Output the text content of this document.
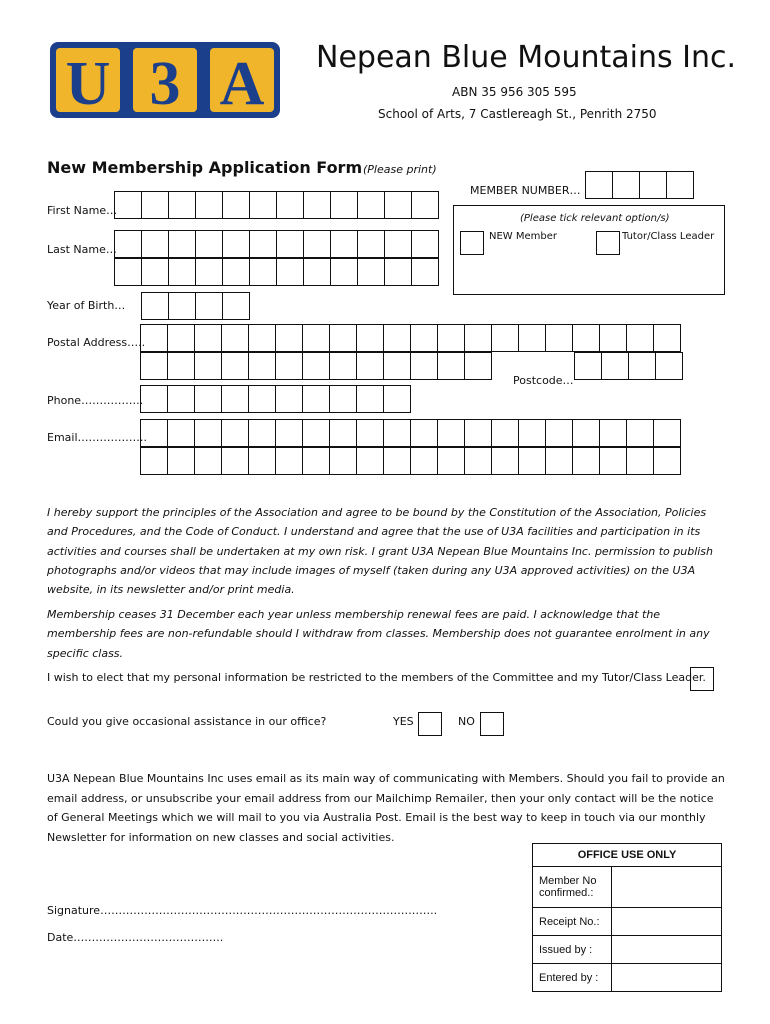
U 3 A Nepean Blue Mountains Inc.
ABN 35 956 305 595
School of Arts, 7 Castlereagh St., Penrith 2750
New Membership Application Form (Please print)
MEMBER NUMBER…
(Please tick relevant option/s)
NEW Member	Tutor/Class Leader
First Name…
Last Name…
Year of Birth…
Postal Address…..
Postcode…
Phone……………..
Email……………….
I hereby support the principles of the Association and agree to be bound by the Constitution of the Association, Policies and Procedures, and the Code of Conduct. I understand and agree that the use of U3A facilities and participation in its activities and courses shall be undertaken at my own risk. I grant U3A Nepean Blue Mountains Inc. permission to publish photographs and/or videos that may include images of myself (taken during any U3A approved activities) on the U3A website, in its newsletter and/or print media.
Membership ceases 31 December each year unless membership renewal fees are paid. I acknowledge that the membership fees are non-refundable should I withdraw from classes. Membership does not guarantee enrolment in any specific class.
I wish to elect that my personal information be restricted to the members of the Committee and my Tutor/Class Leader.
Could you give occasional assistance in our office?	YES	NO
U3A Nepean Blue Mountains Inc uses email as its main way of communicating with Members. Should you fail to provide an email address, or unsubscribe your email address from our Mailchimp Remailer, then your only contact will be the notice of General Meetings which we will mail to you via Australia Post. Email is the best way to keep in touch via our monthly Newsletter for information on new classes and social activities.
OFFICE USE ONLY
Member No confirmed.:	
Receipt No.:	
Issued by :	
Entered by :	
Signature………………………………………………………………………………..
Date…………………………………..
